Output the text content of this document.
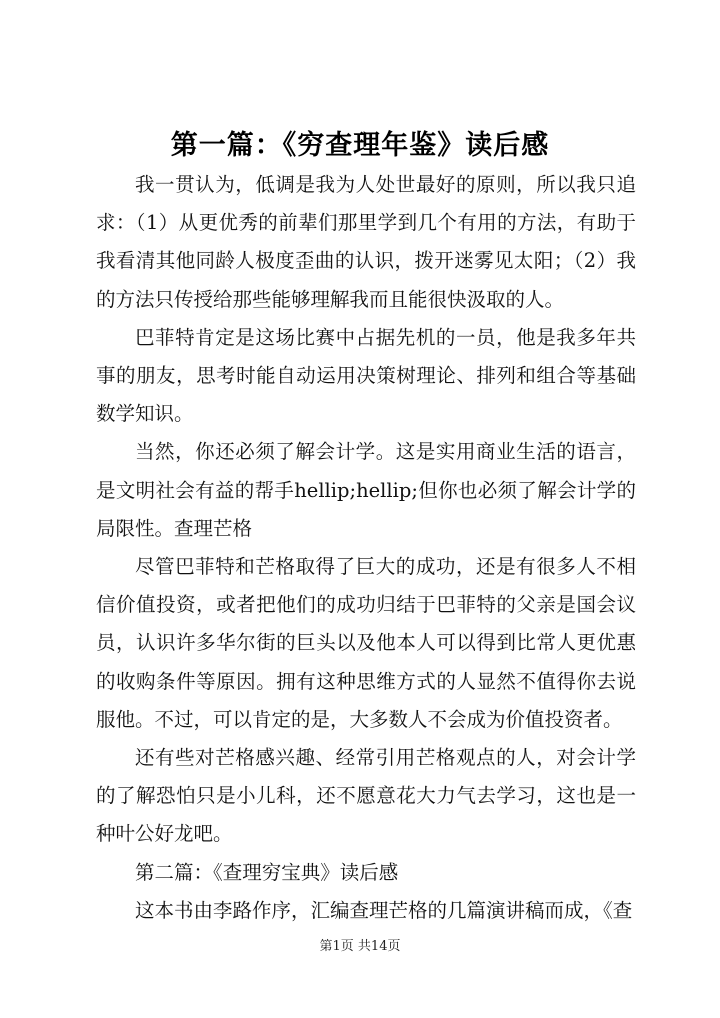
第一篇：《穷查理年鉴》读后感

我一贯认为，低调是我为人处世最好的原则，所以我只追求：（1）从更优秀的前辈们那里学到几个有用的方法，有助于我看清其他同龄人极度歪曲的认识，拨开迷雾见太阳；（2）我的方法只传授给那些能够理解我而且能很快汲取的人。

巴菲特肯定是这场比赛中占据先机的一员，他是我多年共事的朋友，思考时能自动运用决策树理论、排列和组合等基础数学知识。

当然，你还必须了解会计学。这是实用商业生活的语言，是文明社会有益的帮手hellip;hellip;但你也必须了解会计学的局限性。查理芒格

尽管巴菲特和芒格取得了巨大的成功，还是有很多人不相信价值投资，或者把他们的成功归结于巴菲特的父亲是国会议员，认识许多华尔街的巨头以及他本人可以得到比常人更优惠的收购条件等原因。拥有这种思维方式的人显然不值得你去说服他。不过，可以肯定的是，大多数人不会成为价值投资者。

还有些对芒格感兴趣、经常引用芒格观点的人，对会计学的了解恐怕只是小儿科，还不愿意花大力气去学习，这也是一种叶公好龙吧。

第二篇：《查理穷宝典》读后感

这本书由李路作序，汇编查理芒格的几篇演讲稿而成，《查

第1页 共14页
